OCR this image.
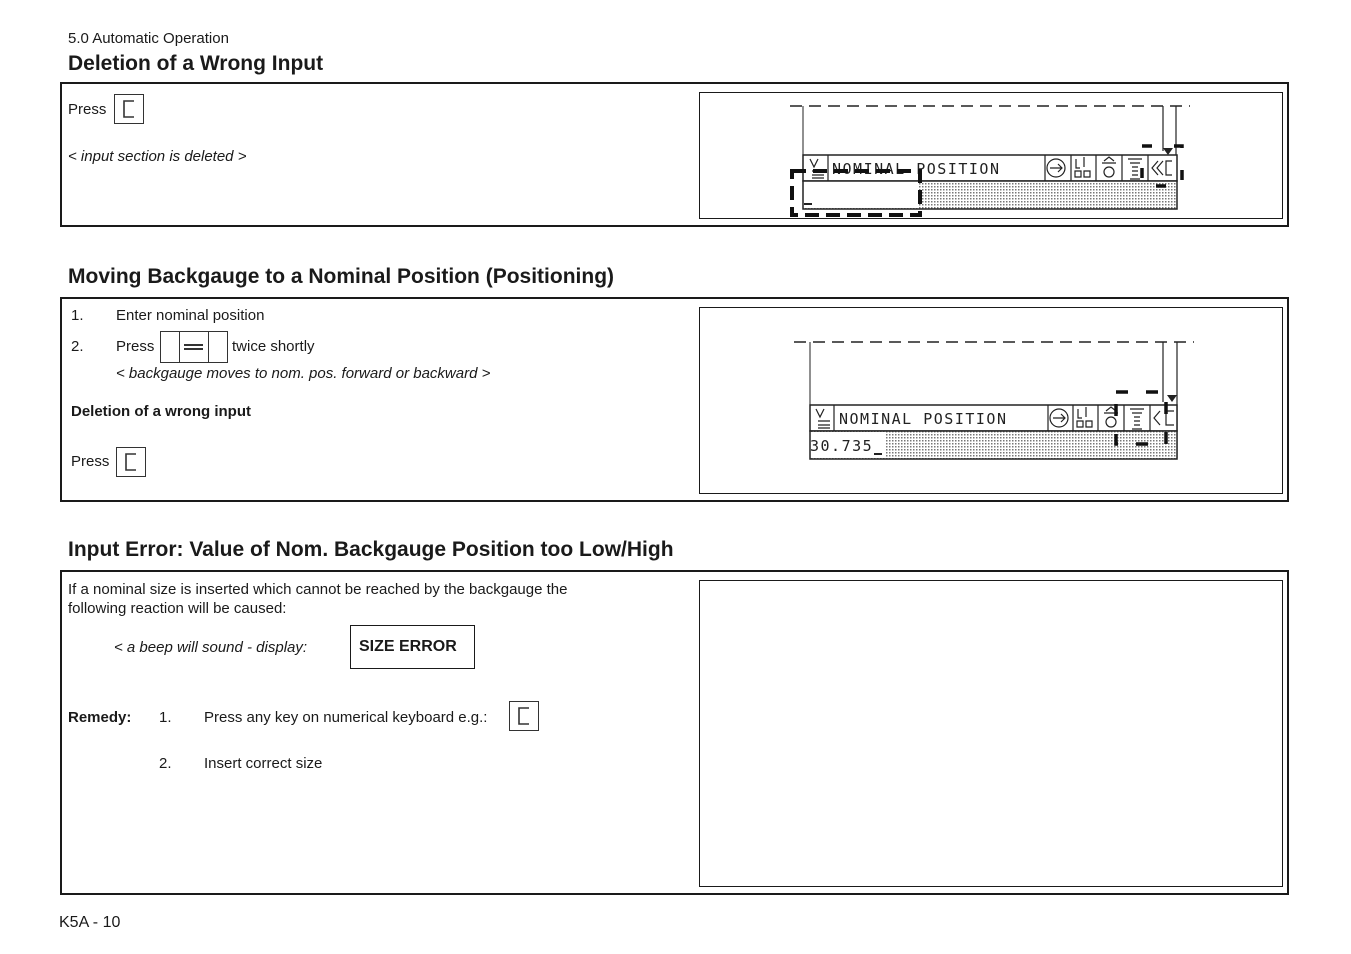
5.0 Automatic Operation
Deletion of a Wrong Input
Press
< input section is deleted >
NOMINAL POSITION
Moving Backgauge to a Nominal Position (Positioning)
1. Enter nominal position
2. Press	twice shortly
< backgauge moves to nom. pos. forward or backward >
Deletion of a wrong input
Press
NOMINAL POSITION
30.735
Input Error: Value of Nom. Backgauge Position too Low/High
If a nominal size is inserted which cannot be reached by the backgauge the
following reaction will be caused:
< a beep will sound - display:	SIZE ERROR
Remedy: 1. Press any key on numerical keyboard e.g.:
2. Insert correct size
K5A - 10
